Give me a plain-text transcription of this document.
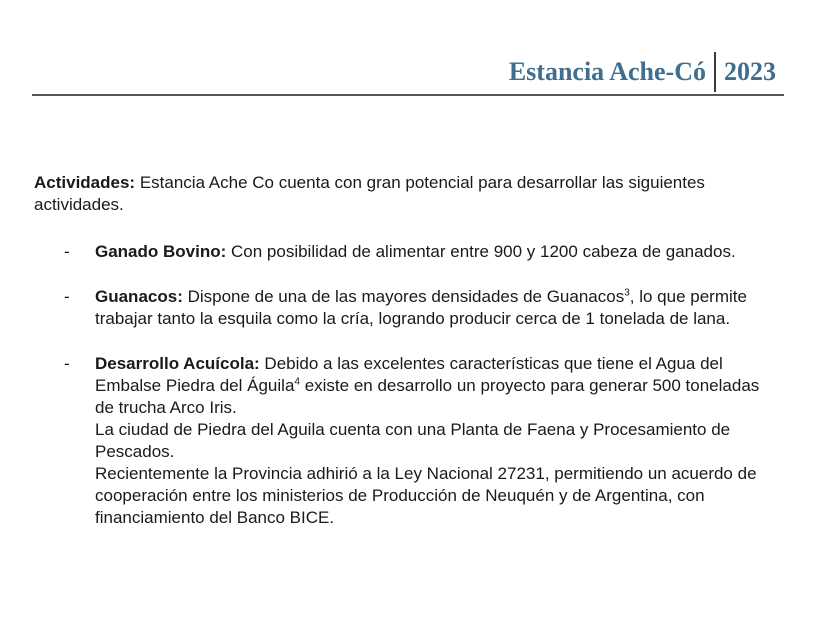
Estancia Ache-Có 2023

Actividades: Estancia Ache Co cuenta con gran potencial para desarrollar las siguientes actividades.

- Ganado Bovino: Con posibilidad de alimentar entre 900 y 1200 cabeza de ganados.
- Guanacos: Dispone de una de las mayores densidades de Guanacos$^3$, lo que permite trabajar tanto la esquila como la cría, logrando producir cerca de 1 tonelada de lana.
- Desarrollo Acuícola: Debido a las excelentes características que tiene el Agua del Embalse Piedra del Águila$^4$ existe en desarrollo un proyecto para generar 500 toneladas de trucha Arco Iris.
La ciudad de Piedra del Aguila cuenta con una Planta de Faena y Procesamiento de Pescados.
Recientemente la Provincia adhirió a la Ley Nacional 27231, permitiendo un acuerdo de cooperación entre los ministerios de Producción de Neuquén y de Argentina, con financiamiento del Banco BICE.
